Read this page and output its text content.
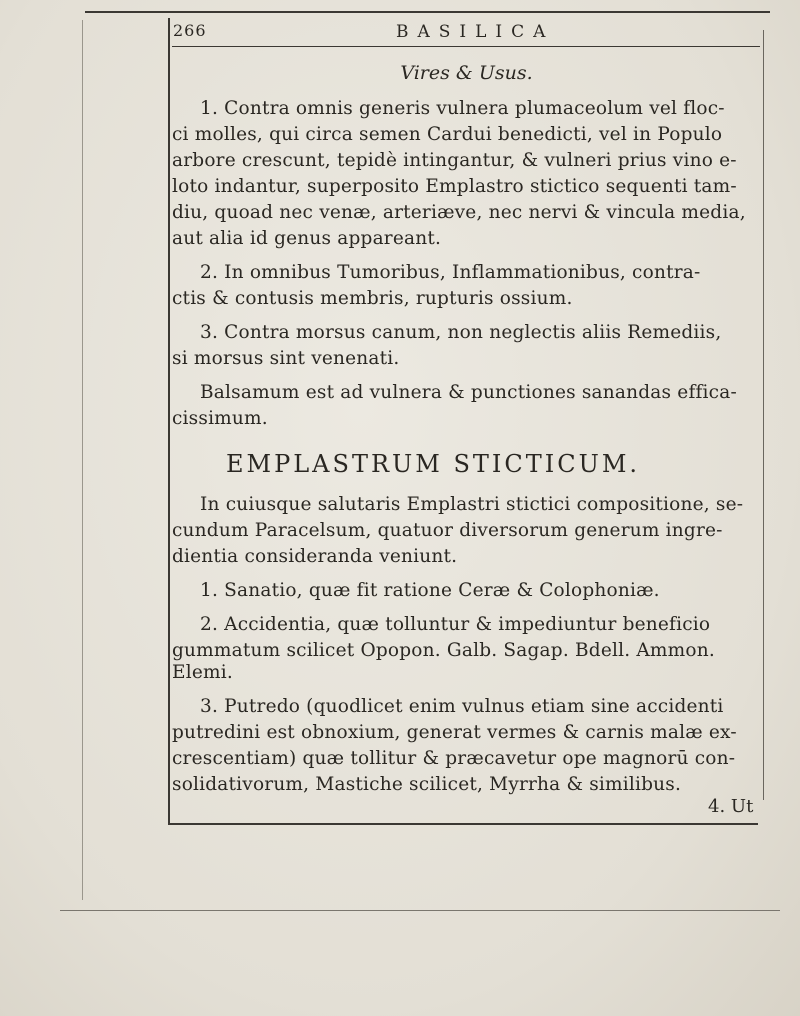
266	BASILICA
Vires & Usus.
1. Contra omnis generis vulnera plumaceolum vel floc-
ci molles, qui circa semen Cardui benedicti, vel in Populo
arbore crescunt, tepidè intingantur, & vulneri prius vino e-
loto indantur, superposito Emplastro stictico sequenti tam-
diu, quoad nec venæ, arteriæve, nec nervi & vincula media,
aut alia id genus appareant.
2. In omnibus Tumoribus, Inflammationibus, contra-
ctis & contusis membris, rupturis ossium.
3. Contra morsus canum, non neglectis aliis Remediis,
si morsus sint venenati.
Balsamum est ad vulnera & punctiones sanandas effica-
cissimum.
EMPLASTRUM STICTICUM.
In cuiusque salutaris Emplastri stictici compositione, se-
cundum Paracelsum, quatuor diversorum generum ingre-
dientia consideranda veniunt.
1. Sanatio, quæ fit ratione Ceræ & Colophoniæ.
2. Accidentia, quæ tolluntur & impediuntur beneficio
gummatum scilicet Opopon. Galb. Sagap. Bdell. Ammon.
Elemi.
3. Putredo (quodlicet enim vulnus etiam sine accidenti
putredini est obnoxium, generat vermes & carnis malæ ex-
crescentiam) quæ tollitur & præcavetur ope magnorū con-
solidativorum, Mastiche scilicet, Myrrha & similibus.
4. Ut
